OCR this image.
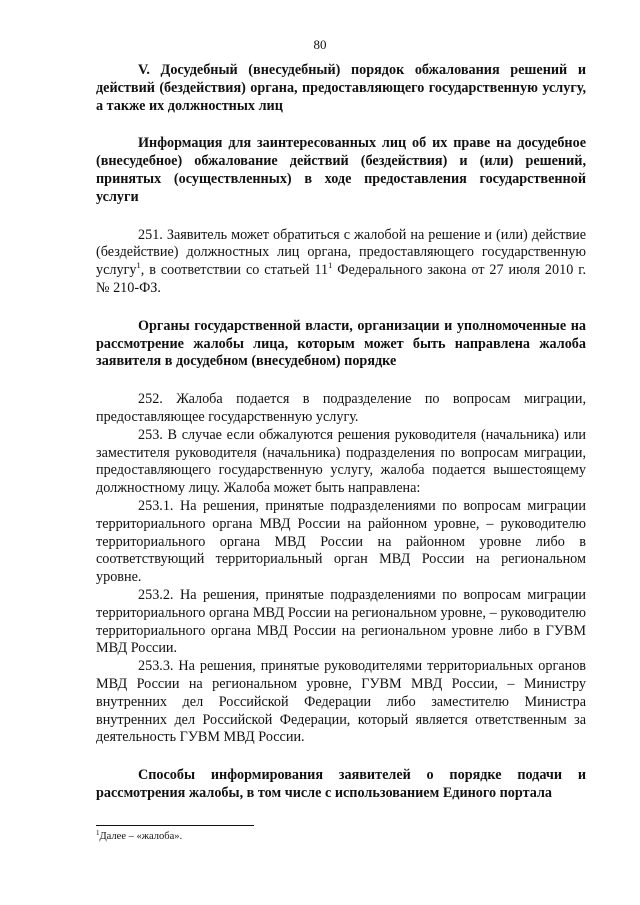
80

V. Досудебный (внесудебный) порядок обжалования решений и действий (бездействия) органа, предоставляющего государственную услугу, а также их должностных лиц

Информация для заинтересованных лиц об их праве на досудебное (внесудебное) обжалование действий (бездействия) и (или) решений, принятых (осуществленных) в ходе предоставления государственной услуги

251. Заявитель может обратиться с жалобой на решение и (или) действие (бездействие) должностных лиц органа, предоставляющего государственную услугу$^1$, в соответствии со статьей $11^1$ Федерального закона от 27 июля 2010 г. № 210-ФЗ.

Органы государственной власти, организации и уполномоченные на рассмотрение жалобы лица, которым может быть направлена жалоба заявителя в досудебном (внесудебном) порядке

252. Жалоба подается в подразделение по вопросам миграции, предоставляющее государственную услугу.

253. В случае если обжалуются решения руководителя (начальника) или заместителя руководителя (начальника) подразделения по вопросам миграции, предоставляющего государственную услугу, жалоба подается вышестоящему должностному лицу. Жалоба может быть направлена:

253.1. На решения, принятые подразделениями по вопросам миграции территориального органа МВД России на районном уровне, – руководителю территориального органа МВД России на районном уровне либо в соответствующий территориальный орган МВД России на региональном уровне.

253.2. На решения, принятые подразделениями по вопросам миграции территориального органа МВД России на региональном уровне, – руководителю территориального органа МВД России на региональном уровне либо в ГУВМ МВД России.

253.3. На решения, принятые руководителями территориальных органов МВД России на региональном уровне, ГУВМ МВД России, – Министру внутренних дел Российской Федерации либо заместителю Министра внутренних дел Российской Федерации, который является ответственным за деятельность ГУВМ МВД России.

Способы информирования заявителей о порядке подачи и рассмотрения жалобы, в том числе с использованием Единого портала

$^1$Далее – «жалоба».
